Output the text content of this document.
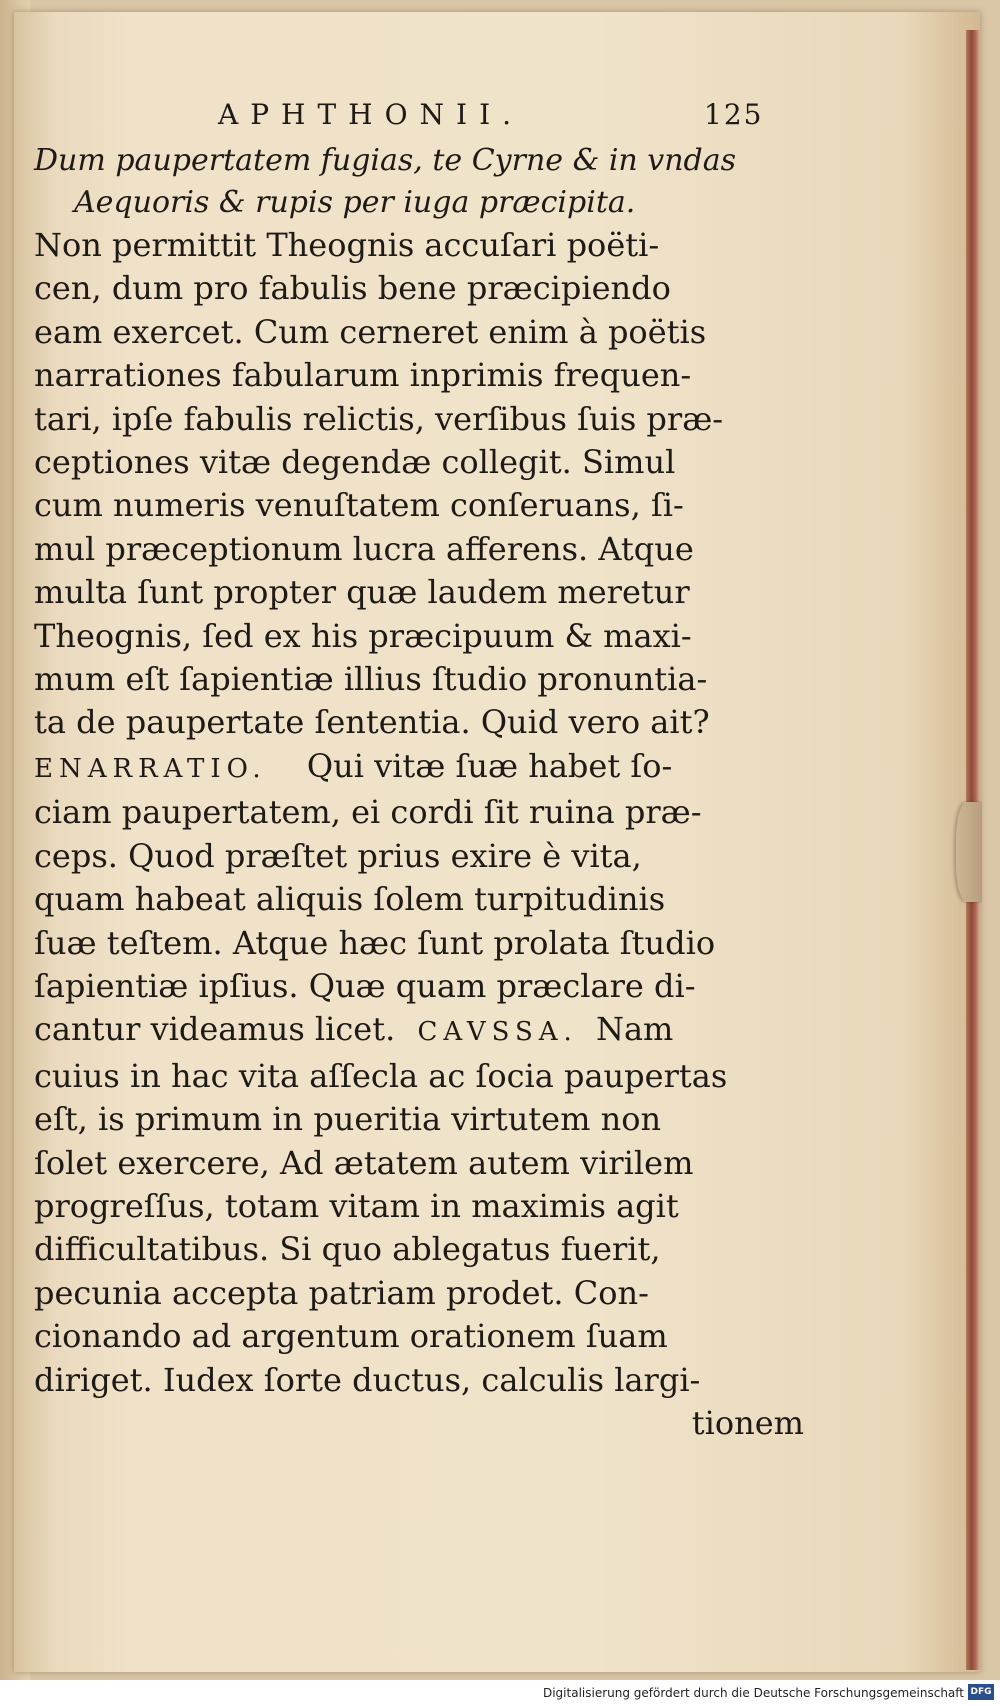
APHTHONII.	125
Dum paupertatem fugias, te Cyrne & in vndas
Aequoris & rupis per iuga præcipita.
Non permittit Theognis accuſari poëti-
cen, dum pro fabulis bene præcipiendo
eam exercet. Cum cerneret enim à poëtis
narrationes fabularum inprimis frequen-
tari, ipſe fabulis relictis, verſibus ſuis præ-
ceptiones vitæ degendæ collegit. Simul
cum numeris venuſtatem conſeruans, ſi-
mul præceptionum lucra afferens. Atque
multa ſunt propter quæ laudem meretur
Theognis, ſed ex his præcipuum & maxi-
mum eſt ſapientiæ illius ſtudio pronuntia-
ta de paupertate ſententia. Quid vero ait?
ENARRATIO. Qui vitæ ſuæ habet ſo-
ciam paupertatem, ei cordi ſit ruina præ-
ceps. Quod præſtet prius exire è vita,
quam habeat aliquis ſolem turpitudinis
ſuæ teſtem. Atque hæc ſunt prolata ſtudio
ſapientiæ ipſius. Quæ quam præclare di-
cantur videamus licet. CAVSSA. Nam
cuius in hac vita aſſecla ac ſocia paupertas
eſt, is primum in pueritia virtutem non
ſolet exercere, Ad ætatem autem virilem
progreſſus, totam vitam in maximis agit
difficultatibus. Si quo ablegatus fuerit,
pecunia accepta patriam prodet. Con-
cionando ad argentum orationem ſuam
diriget. Iudex ſorte ductus, calculis largi-
tionem
Digitalisierung gefördert durch die Deutsche Forschungsgemeinschaft DFG
